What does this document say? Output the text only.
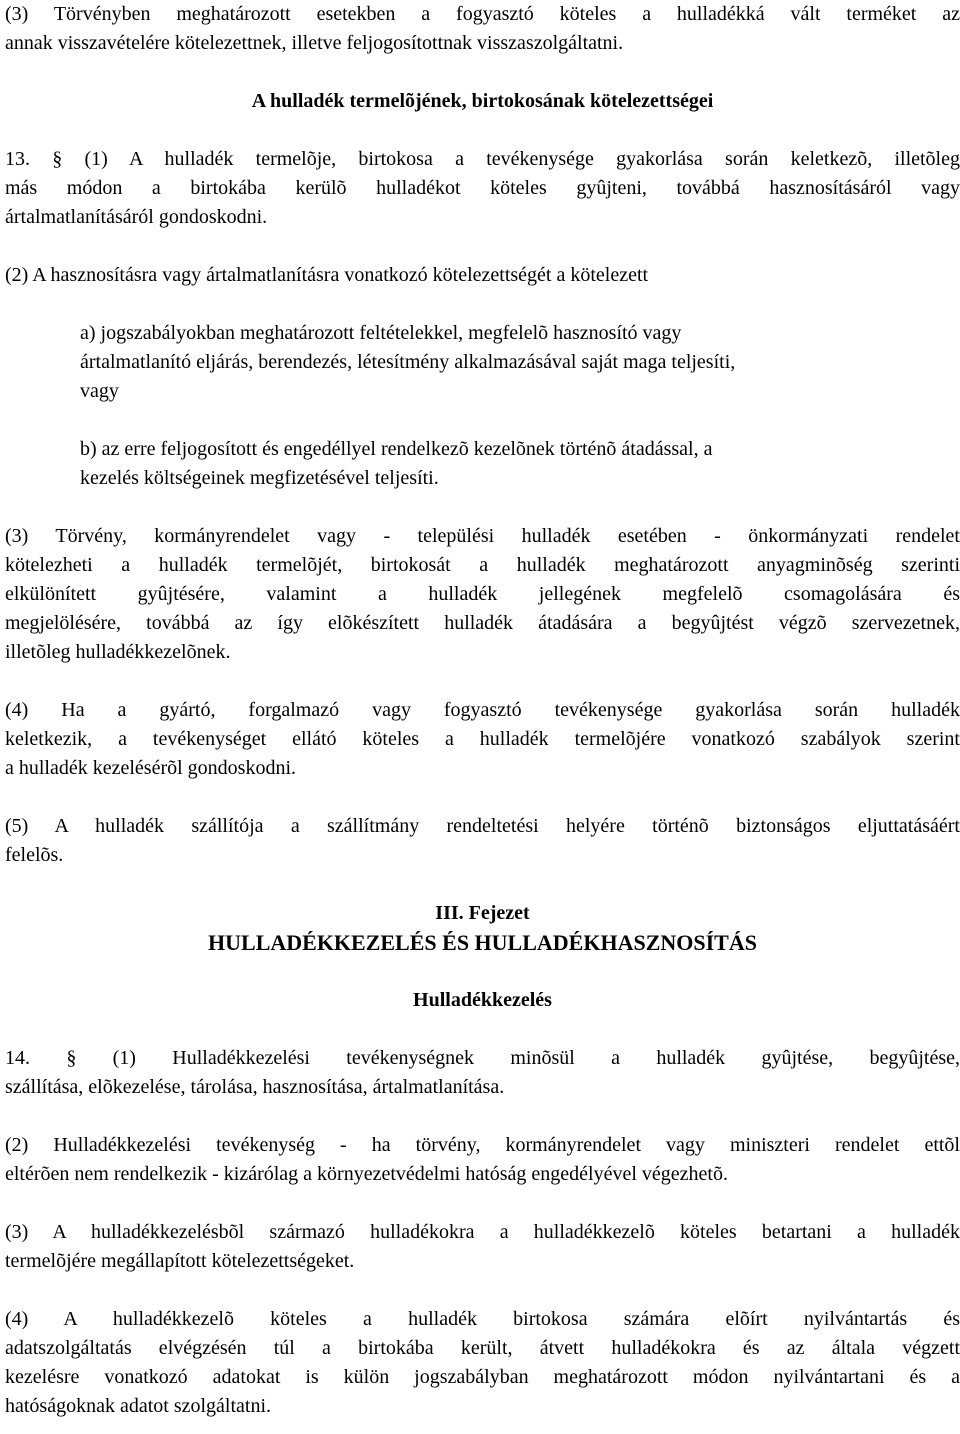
(3) Törvényben meghatározott esetekben a fogyasztó köteles a hulladékká vált terméket az
annak visszavételére kötelezettnek, illetve feljogosítottnak visszaszolgáltatni.

A hulladék termelõjének, birtokosának kötelezettségei

13. § (1) A hulladék termelõje, birtokosa a tevékenysége gyakorlása során keletkezõ, illetõleg
más módon a birtokába kerülõ hulladékot köteles gyûjteni, továbbá hasznosításáról vagy
ártalmatlanításáról gondoskodni.
(2) A hasznosításra vagy ártalmatlanításra vonatkozó kötelezettségét a kötelezett
a) jogszabályokban meghatározott feltételekkel, megfelelõ hasznosító vagy
ártalmatlanító eljárás, berendezés, létesítmény alkalmazásával saját maga teljesíti,
vagy
b) az erre feljogosított és engedéllyel rendelkezõ kezelõnek történõ átadással, a
kezelés költségeinek megfizetésével teljesíti.
(3) Törvény, kormányrendelet vagy - települési hulladék esetében - önkormányzati rendelet
kötelezheti a hulladék termelõjét, birtokosát a hulladék meghatározott anyagminõség szerinti
elkülönített gyûjtésére, valamint a hulladék jellegének megfelelõ csomagolására és
megjelölésére, továbbá az így elõkészített hulladék átadására a begyûjtést végzõ szervezetnek,
illetõleg hulladékkezelõnek.
(4) Ha a gyártó, forgalmazó vagy fogyasztó tevékenysége gyakorlása során hulladék
keletkezik, a tevékenységet ellátó köteles a hulladék termelõjére vonatkozó szabályok szerint
a hulladék kezelésérõl gondoskodni.
(5) A hulladék szállítója a szállítmány rendeltetési helyére történõ biztonságos eljuttatásáért
felelõs.

III. Fejezet

HULLADÉKKEZELÉS ÉS HULLADÉKHASZNOSÍTÁS

Hulladékkezelés

14. § (1) Hulladékkezelési tevékenységnek minõsül a hulladék gyûjtése, begyûjtése,
szállítása, elõkezelése, tárolása, hasznosítása, ártalmatlanítása.
(2) Hulladékkezelési tevékenység - ha törvény, kormányrendelet vagy miniszteri rendelet ettõl
eltérõen nem rendelkezik - kizárólag a környezetvédelmi hatóság engedélyével végezhetõ.
(3) A hulladékkezelésbõl származó hulladékokra a hulladékkezelõ köteles betartani a hulladék
termelõjére megállapított kötelezettségeket.
(4) A hulladékkezelõ köteles a hulladék birtokosa számára elõírt nyilvántartás és
adatszolgáltatás elvégzésén túl a birtokába került, átvett hulladékokra és az általa végzett
kezelésre vonatkozó adatokat is külön jogszabályban meghatározott módon nyilvántartani és a
hatóságoknak adatot szolgáltatni.
